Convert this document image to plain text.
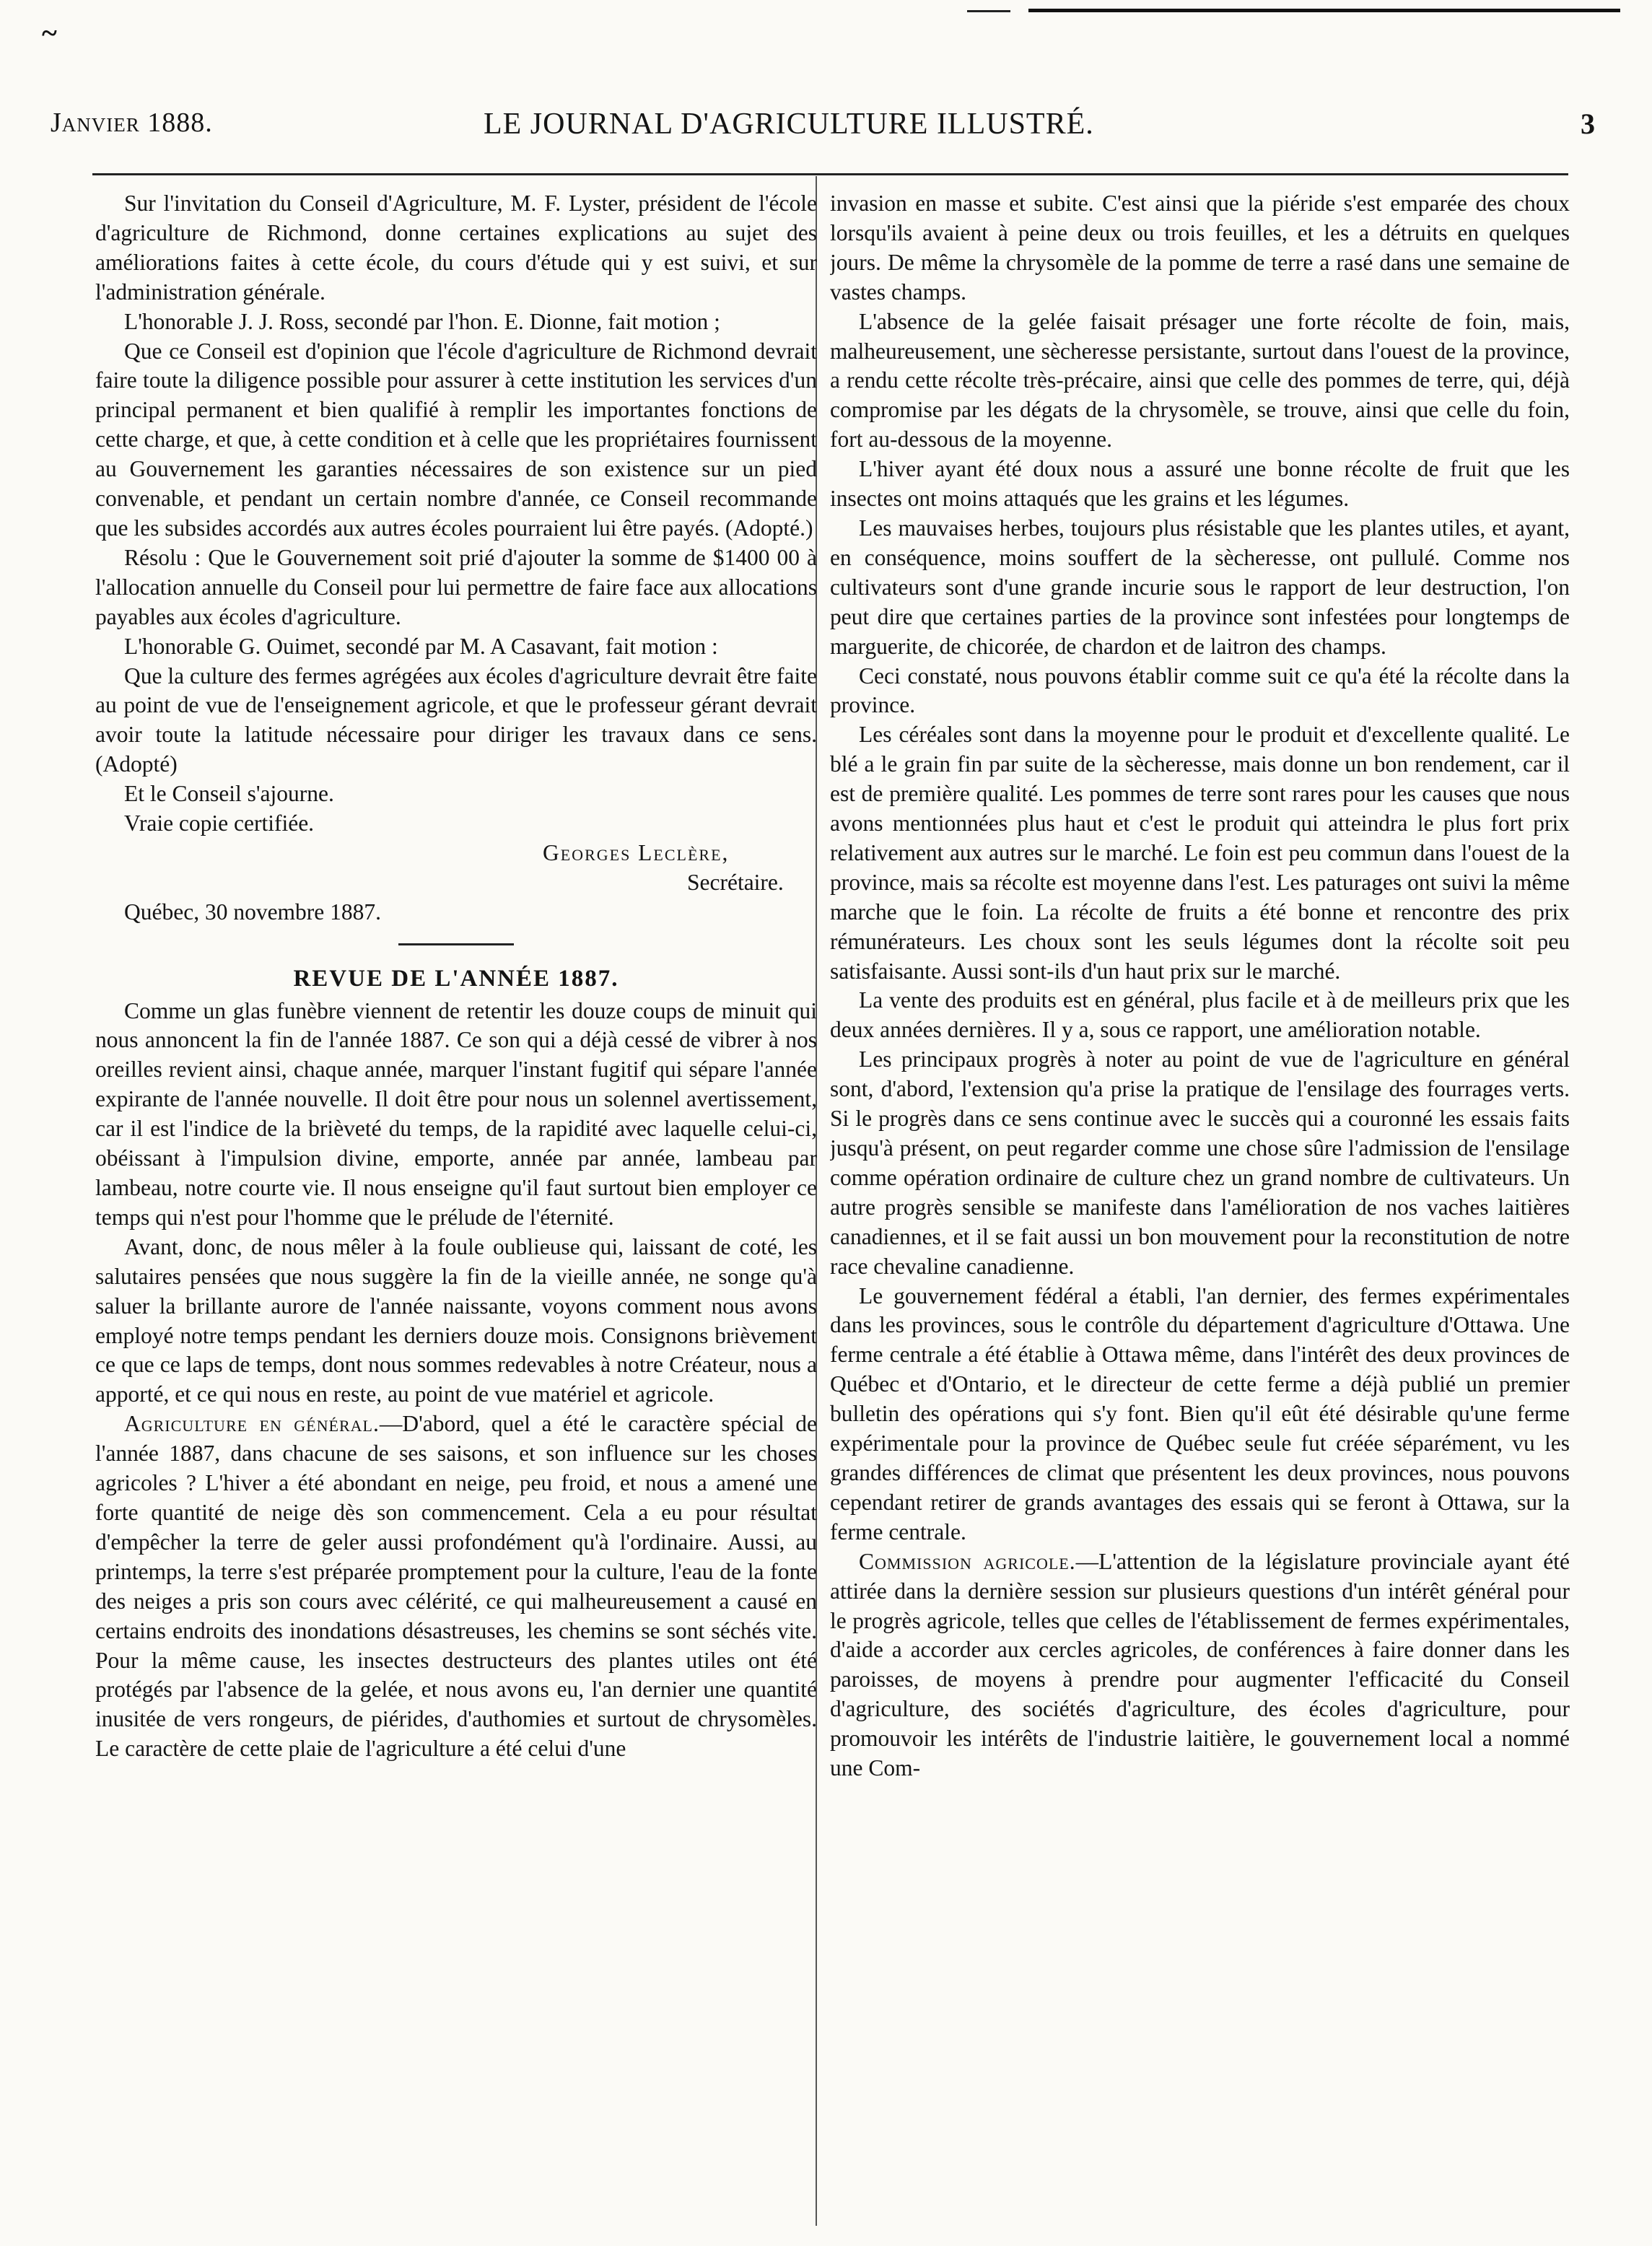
~
Janvier 1888.	LE JOURNAL D'AGRICULTURE ILLUSTRÉ.	3

Sur l'invitation du Conseil d'Agriculture, M. F. Lyster, président de l'école d'agriculture de Richmond, donne certaines explications au sujet des améliorations faites à cette école, du cours d'étude qui y est suivi, et sur l'administration générale.

L'honorable J. J. Ross, secondé par l'hon. E. Dionne, fait motion ;

Que ce Conseil est d'opinion que l'école d'agriculture de Richmond devrait faire toute la diligence possible pour assurer à cette institution les services d'un principal permanent et bien qualifié à remplir les importantes fonctions de cette charge, et que, à cette condition et à celle que les propriétaires fournissent au Gouvernement les garanties nécessaires de son existence sur un pied convenable, et pendant un certain nombre d'année, ce Conseil recommande que les subsides accordés aux autres écoles pourraient lui être payés. (Adopté.)

Résolu : Que le Gouvernement soit prié d'ajouter la somme de $1400 00 à l'allocation annuelle du Conseil pour lui permettre de faire face aux allocations payables aux écoles d'agriculture.

L'honorable G. Ouimet, secondé par M. A Casavant, fait motion :

Que la culture des fermes agrégées aux écoles d'agriculture devrait être faite au point de vue de l'enseignement agricole, et que le professeur gérant devrait avoir toute la latitude nécessaire pour diriger les travaux dans ce sens. (Adopté)

Et le Conseil s'ajourne.

Vraie copie certifiée.

Georges Leclère,

Secrétaire.

Québec, 30 novembre 1887.

REVUE DE L'ANNÉE 1887.

Comme un glas funèbre viennent de retentir les douze coups de minuit qui nous annoncent la fin de l'année 1887. Ce son qui a déjà cessé de vibrer à nos oreilles revient ainsi, chaque année, marquer l'instant fugitif qui sépare l'année expirante de l'année nouvelle. Il doit être pour nous un solennel avertissement, car il est l'indice de la brièveté du temps, de la rapidité avec laquelle celui-ci, obéissant à l'impulsion divine, emporte, année par année, lambeau par lambeau, notre courte vie. Il nous enseigne qu'il faut surtout bien employer ce temps qui n'est pour l'homme que le prélude de l'éternité.

Avant, donc, de nous mêler à la foule oublieuse qui, laissant de coté, les salutaires pensées que nous suggère la fin de la vieille année, ne songe qu'à saluer la brillante aurore de l'année naissante, voyons comment nous avons employé notre temps pendant les derniers douze mois. Consignons brièvement ce que ce laps de temps, dont nous sommes redevables à notre Créateur, nous a apporté, et ce qui nous en reste, au point de vue matériel et agricole.

Agriculture en général.—D'abord, quel a été le caractère spécial de l'année 1887, dans chacune de ses saisons, et son influence sur les choses agricoles ? L'hiver a été abondant en neige, peu froid, et nous a amené une forte quantité de neige dès son commencement. Cela a eu pour résultat d'empêcher la terre de geler aussi profondément qu'à l'ordinaire. Aussi, au printemps, la terre s'est préparée promptement pour la culture, l'eau de la fonte des neiges a pris son cours avec célérité, ce qui malheureusement a causé en certains endroits des inondations désastreuses, les chemins se sont séchés vite. Pour la même cause, les insectes destructeurs des plantes utiles ont été protégés par l'absence de la gelée, et nous avons eu, l'an dernier une quantité inusitée de vers rongeurs, de piérides, d'authomies et surtout de chrysomèles. Le caractère de cette plaie de l'agriculture a été celui d'une

invasion en masse et subite. C'est ainsi que la piéride s'est emparée des choux lorsqu'ils avaient à peine deux ou trois feuilles, et les a détruits en quelques jours. De même la chrysomèle de la pomme de terre a rasé dans une semaine de vastes champs.

L'absence de la gelée faisait présager une forte récolte de foin, mais, malheureusement, une sècheresse persistante, surtout dans l'ouest de la province, a rendu cette récolte très-précaire, ainsi que celle des pommes de terre, qui, déjà compromise par les dégats de la chrysomèle, se trouve, ainsi que celle du foin, fort au-dessous de la moyenne.

L'hiver ayant été doux nous a assuré une bonne récolte de fruit que les insectes ont moins attaqués que les grains et les légumes.

Les mauvaises herbes, toujours plus résistable que les plantes utiles, et ayant, en conséquence, moins souffert de la sècheresse, ont pullulé. Comme nos cultivateurs sont d'une grande incurie sous le rapport de leur destruction, l'on peut dire que certaines parties de la province sont infestées pour longtemps de marguerite, de chicorée, de chardon et de laitron des champs.

Ceci constaté, nous pouvons établir comme suit ce qu'a été la récolte dans la province.

Les céréales sont dans la moyenne pour le produit et d'excellente qualité. Le blé a le grain fin par suite de la sècheresse, mais donne un bon rendement, car il est de première qualité. Les pommes de terre sont rares pour les causes que nous avons mentionnées plus haut et c'est le produit qui atteindra le plus fort prix relativement aux autres sur le marché. Le foin est peu commun dans l'ouest de la province, mais sa récolte est moyenne dans l'est. Les paturages ont suivi la même marche que le foin. La récolte de fruits a été bonne et rencontre des prix rémunérateurs. Les choux sont les seuls légumes dont la récolte soit peu satisfaisante. Aussi sont-ils d'un haut prix sur le marché.

La vente des produits est en général, plus facile et à de meilleurs prix que les deux années dernières. Il y a, sous ce rapport, une amélioration notable.

Les principaux progrès à noter au point de vue de l'agriculture en général sont, d'abord, l'extension qu'a prise la pratique de l'ensilage des fourrages verts. Si le progrès dans ce sens continue avec le succès qui a couronné les essais faits jusqu'à présent, on peut regarder comme une chose sûre l'admission de l'ensilage comme opération ordinaire de culture chez un grand nombre de cultivateurs. Un autre progrès sensible se manifeste dans l'amélioration de nos vaches laitières canadiennes, et il se fait aussi un bon mouvement pour la reconstitution de notre race chevaline canadienne.

Le gouvernement fédéral a établi, l'an dernier, des fermes expérimentales dans les provinces, sous le contrôle du département d'agriculture d'Ottawa. Une ferme centrale a été établie à Ottawa même, dans l'intérêt des deux provinces de Québec et d'Ontario, et le directeur de cette ferme a déjà publié un premier bulletin des opérations qui s'y font. Bien qu'il eût été désirable qu'une ferme expérimentale pour la province de Québec seule fut créée séparément, vu les grandes différences de climat que présentent les deux provinces, nous pouvons cependant retirer de grands avantages des essais qui se feront à Ottawa, sur la ferme centrale.

Commission agricole.—L'attention de la législature provinciale ayant été attirée dans la dernière session sur plusieurs questions d'un intérêt général pour le progrès agricole, telles que celles de l'établissement de fermes expérimentales, d'aide a accorder aux cercles agricoles, de conférences à faire donner dans les paroisses, de moyens à prendre pour augmenter l'efficacité du Conseil d'agriculture, des sociétés d'agriculture, des écoles d'agriculture, pour promouvoir les intérêts de l'industrie laitière, le gouvernement local a nommé une Com-
